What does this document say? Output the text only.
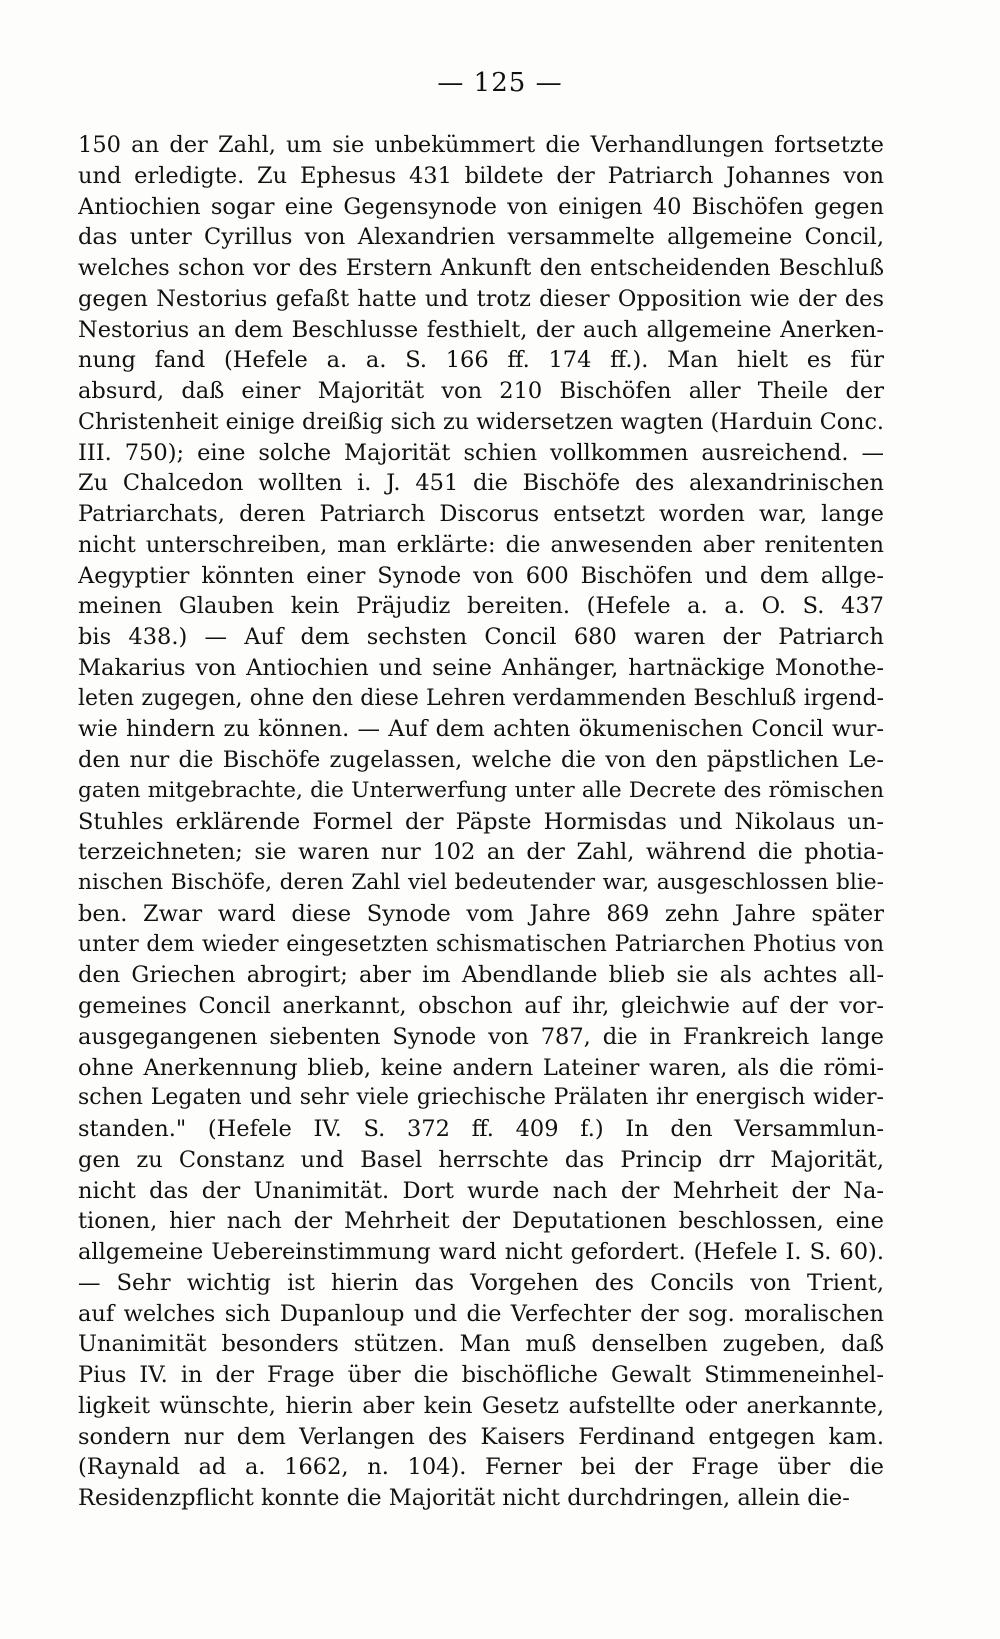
— 125 —
150 an der Zahl, um sie unbekümmert die Verhandlungen fortsetzte
und erledigte. Zu Ephesus 431 bildete der Patriarch Johannes von
Antiochien sogar eine Gegensynode von einigen 40 Bischöfen gegen
das unter Cyrillus von Alexandrien versammelte allgemeine Concil,
welches schon vor des Erstern Ankunft den entscheidenden Beschluß
gegen Nestorius gefaßt hatte und trotz dieser Opposition wie der des
Nestorius an dem Beschlusse festhielt, der auch allgemeine Anerken-
nung fand (Hefele a. a. S. 166 ff. 174 ff.). Man hielt es für
absurd, daß einer Majorität von 210 Bischöfen aller Theile der
Christenheit einige dreißig sich zu widersetzen wagten (Harduin Conc.
III. 750); eine solche Majorität schien vollkommen ausreichend. —
Zu Chalcedon wollten i. J. 451 die Bischöfe des alexandrinischen
Patriarchats, deren Patriarch Discorus entsetzt worden war, lange
nicht unterschreiben, man erklärte: die anwesenden aber renitenten
Aegyptier könnten einer Synode von 600 Bischöfen und dem allge-
meinen Glauben kein Präjudiz bereiten. (Hefele a. a. O. S. 437
bis 438.) — Auf dem sechsten Concil 680 waren der Patriarch
Makarius von Antiochien und seine Anhänger, hartnäckige Monothe-
leten zugegen, ohne den diese Lehren verdammenden Beschluß irgend-
wie hindern zu können. — Auf dem achten ökumenischen Concil wur-
den nur die Bischöfe zugelassen, welche die von den päpstlichen Le-
gaten mitgebrachte, die Unterwerfung unter alle Decrete des römischen
Stuhles erklärende Formel der Päpste Hormisdas und Nikolaus un-
terzeichneten; sie waren nur 102 an der Zahl, während die photia-
nischen Bischöfe, deren Zahl viel bedeutender war, ausgeschlossen blie-
ben. Zwar ward diese Synode vom Jahre 869 zehn Jahre später
unter dem wieder eingesetzten schismatischen Patriarchen Photius von
den Griechen abrogirt; aber im Abendlande blieb sie als achtes all-
gemeines Concil anerkannt, obschon auf ihr, gleichwie auf der vor-
ausgegangenen siebenten Synode von 787, die in Frankreich lange
ohne Anerkennung blieb, keine andern Lateiner waren, als die römi-
schen Legaten und sehr viele griechische Prälaten ihr energisch wider-
standen." (Hefele IV. S. 372 ff. 409 f.) In den Versammlun-
gen zu Constanz und Basel herrschte das Princip drr Majorität,
nicht das der Unanimität. Dort wurde nach der Mehrheit der Na-
tionen, hier nach der Mehrheit der Deputationen beschlossen, eine
allgemeine Uebereinstimmung ward nicht gefordert. (Hefele I. S. 60).
— Sehr wichtig ist hierin das Vorgehen des Concils von Trient,
auf welches sich Dupanloup und die Verfechter der sog. moralischen
Unanimität besonders stützen. Man muß denselben zugeben, daß
Pius IV. in der Frage über die bischöfliche Gewalt Stimmeneinhel-
ligkeit wünschte, hierin aber kein Gesetz aufstellte oder anerkannte,
sondern nur dem Verlangen des Kaisers Ferdinand entgegen kam.
(Raynald ad a. 1662, n. 104). Ferner bei der Frage über die
Residenzpflicht konnte die Majorität nicht durchdringen, allein die-
